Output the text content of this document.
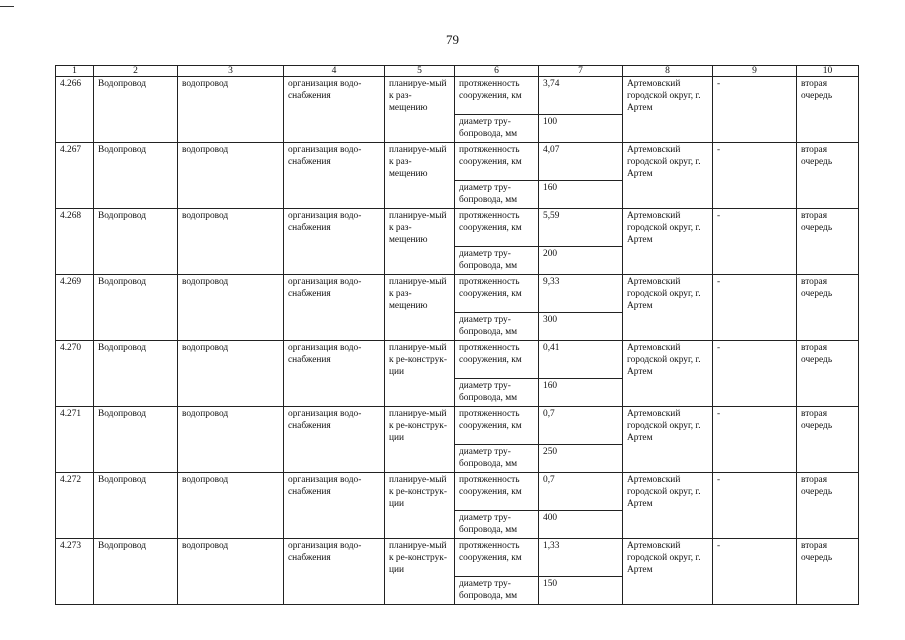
79
1	2	3	4	5	6	7	8	9	10
4.266	Водопровод	водопровод	организация водо-снабжения	планируе-мый к раз-мещению	протяженность сооружения, км	3,74	Артемовский городской округ, г. Артем	-	вторая очередь
					диаметр тру-бопровода, мм	100			
4.267	Водопровод	водопровод	организация водо-снабжения	планируе-мый к раз-мещению	протяженность сооружения, км	4,07	Артемовский городской округ, г. Артем	-	вторая очередь
					диаметр тру-бопровода, мм	160			
4.268	Водопровод	водопровод	организация водо-снабжения	планируе-мый к раз-мещению	протяженность сооружения, км	5,59	Артемовский городской округ, г. Артем	-	вторая очередь
					диаметр тру-бопровода, мм	200			
4.269	Водопровод	водопровод	организация водо-снабжения	планируе-мый к раз-мещению	протяженность сооружения, км	9,33	Артемовский городской округ, г. Артем	-	вторая очередь
					диаметр тру-бопровода, мм	300			
4.270	Водопровод	водопровод	организация водо-снабжения	планируе-мый к ре-конструк-ции	протяженность сооружения, км	0,41	Артемовский городской округ, г. Артем	-	вторая очередь
					диаметр тру-бопровода, мм	160			
4.271	Водопровод	водопровод	организация водо-снабжения	планируе-мый к ре-конструк-ции	протяженность сооружения, км	0,7	Артемовский городской округ, г. Артем	-	вторая очередь
					диаметр тру-бопровода, мм	250			
4.272	Водопровод	водопровод	организация водо-снабжения	планируе-мый к ре-конструк-ции	протяженность сооружения, км	0,7	Артемовский городской округ, г. Артем	-	вторая очередь
					диаметр тру-бопровода, мм	400			
4.273	Водопровод	водопровод	организация водо-снабжения	планируе-мый к ре-конструк-ции	протяженность сооружения, км	1,33	Артемовский городской округ, г. Артем	-	вторая очередь
					диаметр тру-бопровода, мм	150			
